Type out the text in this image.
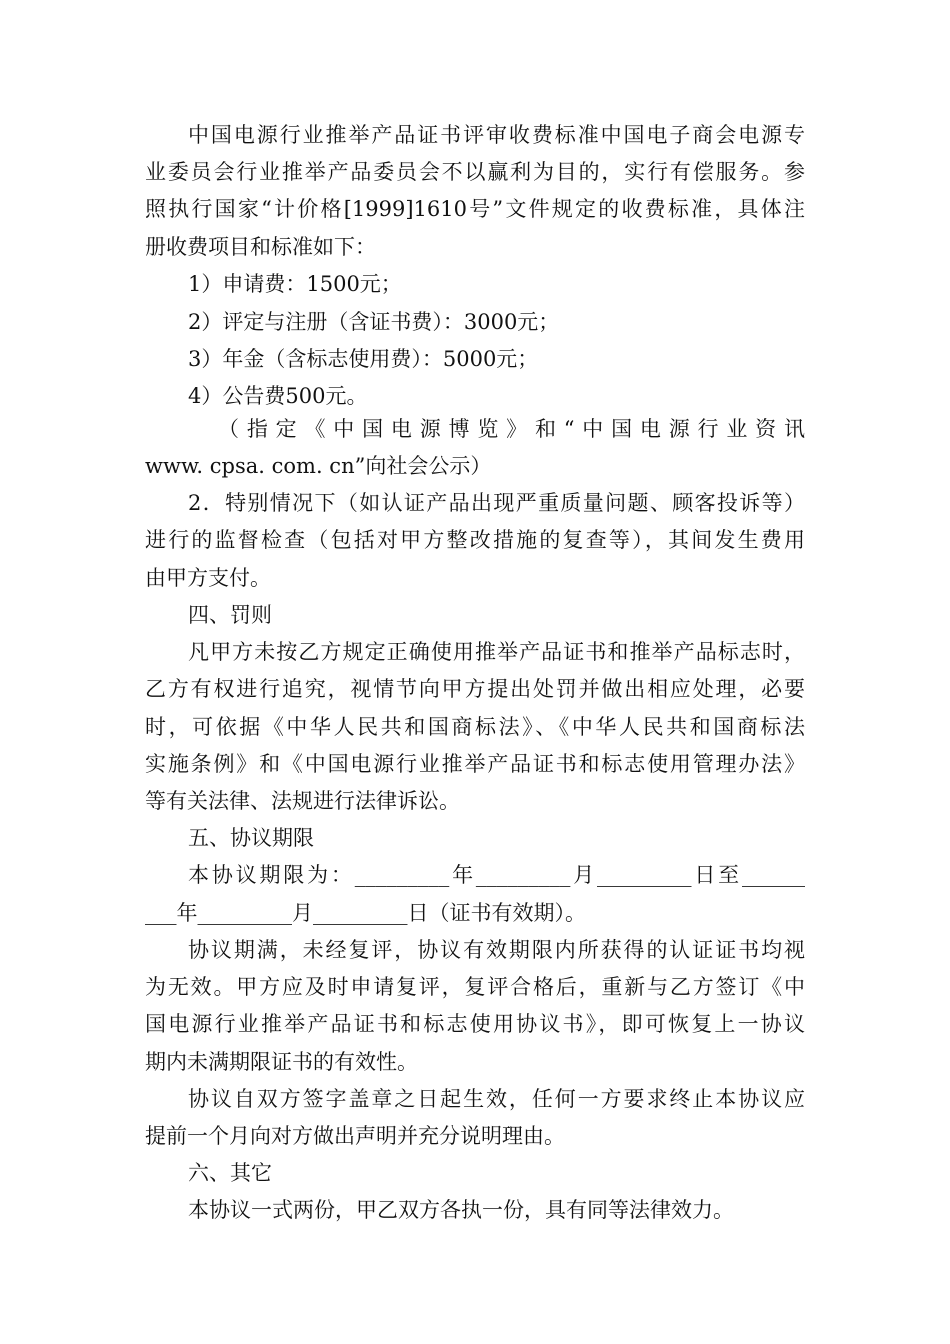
中国电源行业推举产品证书评审收费标准中国电子商会电源专
业委员会行业推举产品委员会不以赢利为目的，实行有偿服务。参
照执行国家“计价格[1999]1610号”文件规定的收费标准，具体注
册收费项目和标准如下：
1）申请费：1500元；
2）评定与注册（含证书费）：3000元；
3）年金（含标志使用费）：5000元；
4）公告费500元。
（指定《中国电源博览》和“中国电源行业资讯
www. cpsa. com. cn”向社会公示）
2．特别情况下（如认证产品出现严重质量问题、顾客投诉等）
进行的监督检查（包括对甲方整改措施的复查等），其间发生费用
由甲方支付。
四、罚则
凡甲方未按乙方规定正确使用推举产品证书和推举产品标志时，
乙方有权进行追究，视情节向甲方提出处罚并做出相应处理，必要
时，可依据《中华人民共和国商标法》、《中华人民共和国商标法
实施条例》和《中国电源行业推举产品证书和标志使用管理办法》
等有关法律、法规进行法律诉讼。
五、协议期限
本协议期限为：_________年_________月_________日至______
___年_________月_________日（证书有效期）。
协议期满，未经复评，协议有效期限内所获得的认证证书均视
为无效。甲方应及时申请复评，复评合格后，重新与乙方签订《中
国电源行业推举产品证书和标志使用协议书》，即可恢复上一协议
期内未满期限证书的有效性。
协议自双方签字盖章之日起生效，任何一方要求终止本协议应
提前一个月向对方做出声明并充分说明理由。
六、其它
本协议一式两份，甲乙双方各执一份，具有同等法律效力。
